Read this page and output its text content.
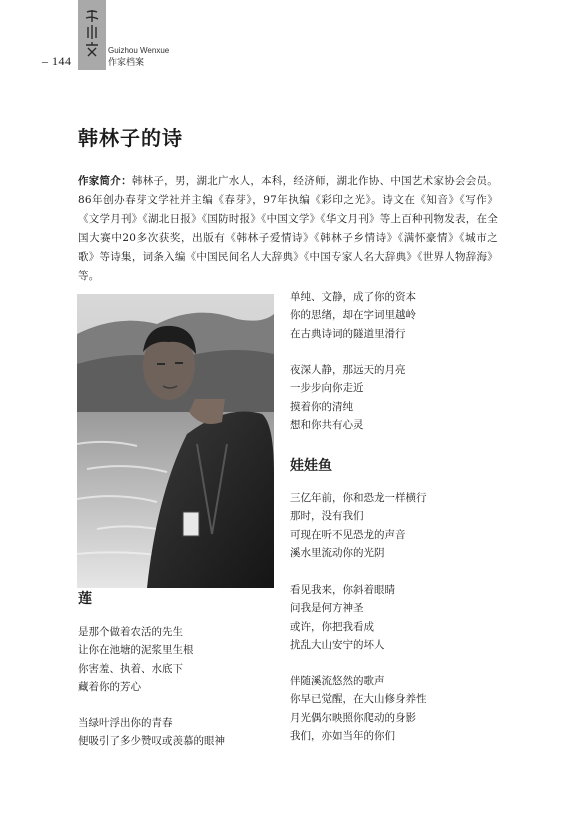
– 144
Guizhou Wenxue
作家档案
韩林子的诗
作家简介：韩林子，男，湖北广水人，本科，经济师，湖北作协、中国艺术家协会会员。86年创办春芽文学社并主编《春芽》，97年执编《彩印之光》。诗文在《知音》《写作》《文学月刊》《湖北日报》《国防时报》《中国文学》《华文月刊》等上百种刊物发表，在全国大赛中20多次获奖，出版有《韩林子爱情诗》《韩林子乡情诗》《满怀豪情》《城市之歌》等诗集，词条入编《中国民间名人大辞典》《中国专家人名大辞典》《世界人物辞海》等。
莲
是那个做着农活的先生
让你在池塘的泥浆里生根
你害羞、执着、水底下
藏着你的芳心
当绿叶浮出你的青春
便吸引了多少赞叹或羡慕的眼神
单纯、文静，成了你的资本
你的思绪，却在字词里越岭
在古典诗词的隧道里滑行
夜深人静，那远天的月亮
一步步向你走近
摸着你的清纯
想和你共有心灵
娃娃鱼
三亿年前，你和恐龙一样横行
那时，没有我们
可现在听不见恐龙的声音
溪水里流动你的光阴
看见我来，你斜着眼睛
问我是何方神圣
或许，你把我看成
扰乱大山安宁的坏人
伴随溪流悠然的歌声
你早已觉醒，在大山修身养性
月光偶尔映照你爬动的身影
我们，亦如当年的你们
